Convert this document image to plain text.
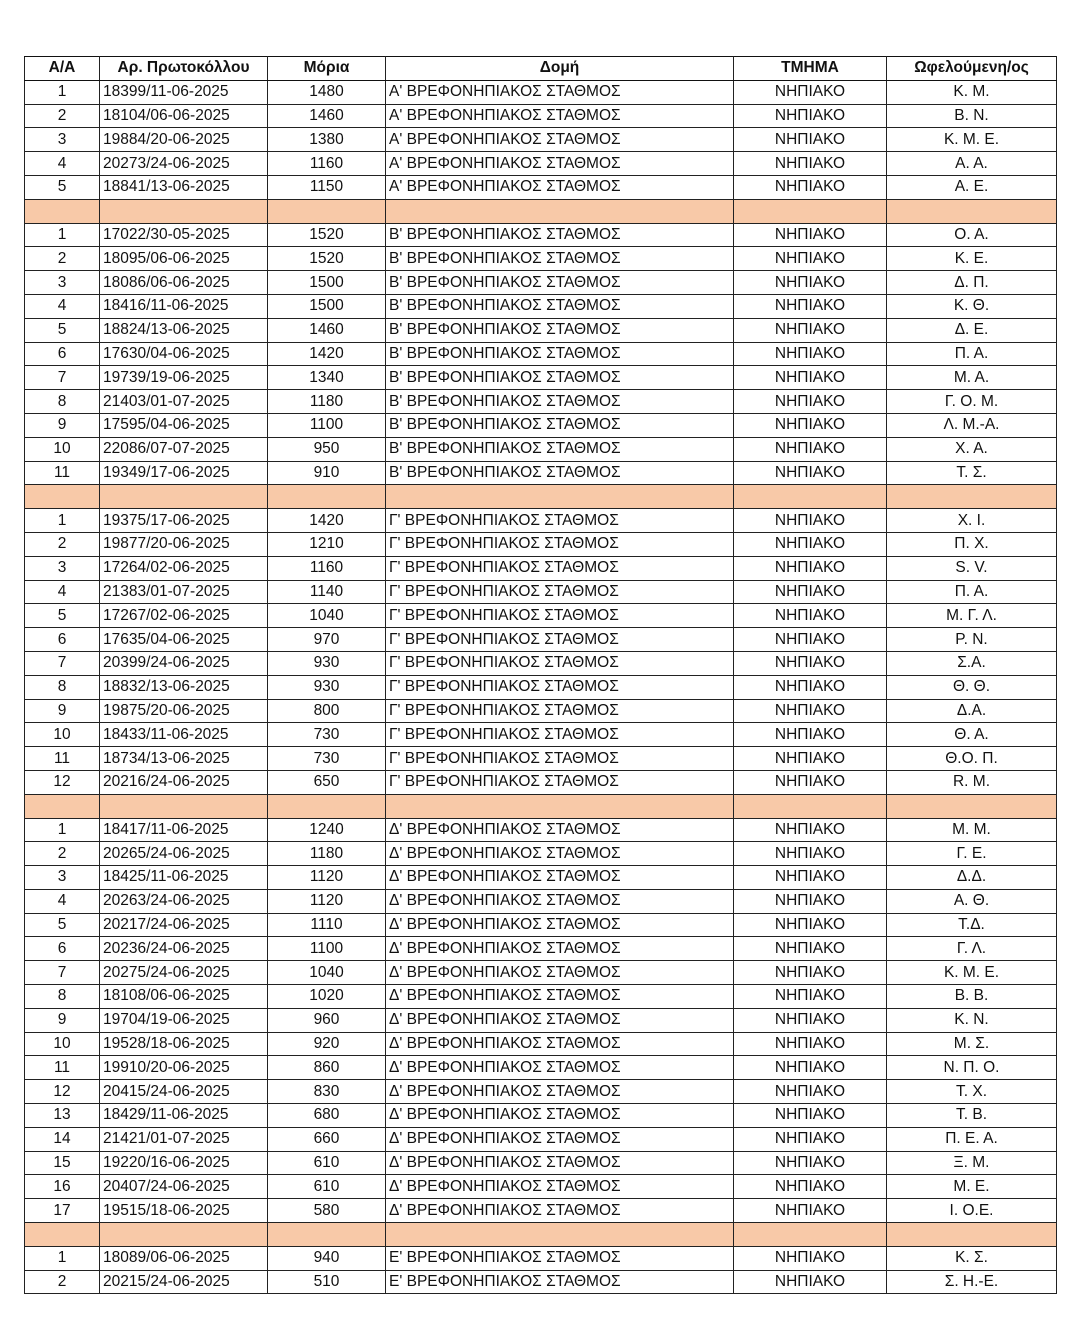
Α/Α	Αρ. Πρωτοκόλλου	Μόρια	Δομή	ΤΜΗΜΑ	Ωφελούμενη/ος
1	18399/11-06-2025	1480	Α' ΒΡΕΦΟΝΗΠΙΑΚΟΣ ΣΤΑΘΜΟΣ	ΝΗΠΙΑΚΟ	Κ. Μ.
2	18104/06-06-2025	1460	Α' ΒΡΕΦΟΝΗΠΙΑΚΟΣ ΣΤΑΘΜΟΣ	ΝΗΠΙΑΚΟ	Β. Ν.
3	19884/20-06-2025	1380	Α' ΒΡΕΦΟΝΗΠΙΑΚΟΣ ΣΤΑΘΜΟΣ	ΝΗΠΙΑΚΟ	Κ. Μ. Ε.
4	20273/24-06-2025	1160	Α' ΒΡΕΦΟΝΗΠΙΑΚΟΣ ΣΤΑΘΜΟΣ	ΝΗΠΙΑΚΟ	Α. Α.
5	18841/13-06-2025	1150	Α' ΒΡΕΦΟΝΗΠΙΑΚΟΣ ΣΤΑΘΜΟΣ	ΝΗΠΙΑΚΟ	Α. Ε.

1	17022/30-05-2025	1520	Β' ΒΡΕΦΟΝΗΠΙΑΚΟΣ ΣΤΑΘΜΟΣ	ΝΗΠΙΑΚΟ	Ο. Α.
2	18095/06-06-2025	1520	Β' ΒΡΕΦΟΝΗΠΙΑΚΟΣ ΣΤΑΘΜΟΣ	ΝΗΠΙΑΚΟ	Κ. Ε.
3	18086/06-06-2025	1500	Β' ΒΡΕΦΟΝΗΠΙΑΚΟΣ ΣΤΑΘΜΟΣ	ΝΗΠΙΑΚΟ	Δ. Π.
4	18416/11-06-2025	1500	Β' ΒΡΕΦΟΝΗΠΙΑΚΟΣ ΣΤΑΘΜΟΣ	ΝΗΠΙΑΚΟ	Κ. Θ.
5	18824/13-06-2025	1460	Β' ΒΡΕΦΟΝΗΠΙΑΚΟΣ ΣΤΑΘΜΟΣ	ΝΗΠΙΑΚΟ	Δ. Ε.
6	17630/04-06-2025	1420	Β' ΒΡΕΦΟΝΗΠΙΑΚΟΣ ΣΤΑΘΜΟΣ	ΝΗΠΙΑΚΟ	Π. Α.
7	19739/19-06-2025	1340	Β' ΒΡΕΦΟΝΗΠΙΑΚΟΣ ΣΤΑΘΜΟΣ	ΝΗΠΙΑΚΟ	Μ. Α.
8	21403/01-07-2025	1180	Β' ΒΡΕΦΟΝΗΠΙΑΚΟΣ ΣΤΑΘΜΟΣ	ΝΗΠΙΑΚΟ	Γ. Ο. Μ.
9	17595/04-06-2025	1100	Β' ΒΡΕΦΟΝΗΠΙΑΚΟΣ ΣΤΑΘΜΟΣ	ΝΗΠΙΑΚΟ	Λ. Μ.-Α.
10	22086/07-07-2025	950	Β' ΒΡΕΦΟΝΗΠΙΑΚΟΣ ΣΤΑΘΜΟΣ	ΝΗΠΙΑΚΟ	Χ. Α.
11	19349/17-06-2025	910	Β' ΒΡΕΦΟΝΗΠΙΑΚΟΣ ΣΤΑΘΜΟΣ	ΝΗΠΙΑΚΟ	Τ. Σ.

1	19375/17-06-2025	1420	Γ' ΒΡΕΦΟΝΗΠΙΑΚΟΣ ΣΤΑΘΜΟΣ	ΝΗΠΙΑΚΟ	Χ. Ι.
2	19877/20-06-2025	1210	Γ' ΒΡΕΦΟΝΗΠΙΑΚΟΣ ΣΤΑΘΜΟΣ	ΝΗΠΙΑΚΟ	Π. Χ.
3	17264/02-06-2025	1160	Γ' ΒΡΕΦΟΝΗΠΙΑΚΟΣ ΣΤΑΘΜΟΣ	ΝΗΠΙΑΚΟ	S. V.
4	21383/01-07-2025	1140	Γ' ΒΡΕΦΟΝΗΠΙΑΚΟΣ ΣΤΑΘΜΟΣ	ΝΗΠΙΑΚΟ	Π. Α.
5	17267/02-06-2025	1040	Γ' ΒΡΕΦΟΝΗΠΙΑΚΟΣ ΣΤΑΘΜΟΣ	ΝΗΠΙΑΚΟ	Μ. Γ. Λ.
6	17635/04-06-2025	970	Γ' ΒΡΕΦΟΝΗΠΙΑΚΟΣ ΣΤΑΘΜΟΣ	ΝΗΠΙΑΚΟ	Ρ. Ν.
7	20399/24-06-2025	930	Γ' ΒΡΕΦΟΝΗΠΙΑΚΟΣ ΣΤΑΘΜΟΣ	ΝΗΠΙΑΚΟ	Σ.Α.
8	18832/13-06-2025	930	Γ' ΒΡΕΦΟΝΗΠΙΑΚΟΣ ΣΤΑΘΜΟΣ	ΝΗΠΙΑΚΟ	Θ. Θ.
9	19875/20-06-2025	800	Γ' ΒΡΕΦΟΝΗΠΙΑΚΟΣ ΣΤΑΘΜΟΣ	ΝΗΠΙΑΚΟ	Δ.Α.
10	18433/11-06-2025	730	Γ' ΒΡΕΦΟΝΗΠΙΑΚΟΣ ΣΤΑΘΜΟΣ	ΝΗΠΙΑΚΟ	Θ. Α.
11	18734/13-06-2025	730	Γ' ΒΡΕΦΟΝΗΠΙΑΚΟΣ ΣΤΑΘΜΟΣ	ΝΗΠΙΑΚΟ	Θ.Ο. Π.
12	20216/24-06-2025	650	Γ' ΒΡΕΦΟΝΗΠΙΑΚΟΣ ΣΤΑΘΜΟΣ	ΝΗΠΙΑΚΟ	R. M.

1	18417/11-06-2025	1240	Δ' ΒΡΕΦΟΝΗΠΙΑΚΟΣ ΣΤΑΘΜΟΣ	ΝΗΠΙΑΚΟ	Μ. Μ.
2	20265/24-06-2025	1180	Δ' ΒΡΕΦΟΝΗΠΙΑΚΟΣ ΣΤΑΘΜΟΣ	ΝΗΠΙΑΚΟ	Γ. Ε.
3	18425/11-06-2025	1120	Δ' ΒΡΕΦΟΝΗΠΙΑΚΟΣ ΣΤΑΘΜΟΣ	ΝΗΠΙΑΚΟ	Δ.Δ.
4	20263/24-06-2025	1120	Δ' ΒΡΕΦΟΝΗΠΙΑΚΟΣ ΣΤΑΘΜΟΣ	ΝΗΠΙΑΚΟ	Α. Θ.
5	20217/24-06-2025	1110	Δ' ΒΡΕΦΟΝΗΠΙΑΚΟΣ ΣΤΑΘΜΟΣ	ΝΗΠΙΑΚΟ	Τ.Δ.
6	20236/24-06-2025	1100	Δ' ΒΡΕΦΟΝΗΠΙΑΚΟΣ ΣΤΑΘΜΟΣ	ΝΗΠΙΑΚΟ	Γ. Λ.
7	20275/24-06-2025	1040	Δ' ΒΡΕΦΟΝΗΠΙΑΚΟΣ ΣΤΑΘΜΟΣ	ΝΗΠΙΑΚΟ	Κ. Μ. Ε.
8	18108/06-06-2025	1020	Δ' ΒΡΕΦΟΝΗΠΙΑΚΟΣ ΣΤΑΘΜΟΣ	ΝΗΠΙΑΚΟ	Β. Β.
9	19704/19-06-2025	960	Δ' ΒΡΕΦΟΝΗΠΙΑΚΟΣ ΣΤΑΘΜΟΣ	ΝΗΠΙΑΚΟ	Κ. Ν.
10	19528/18-06-2025	920	Δ' ΒΡΕΦΟΝΗΠΙΑΚΟΣ ΣΤΑΘΜΟΣ	ΝΗΠΙΑΚΟ	Μ. Σ.
11	19910/20-06-2025	860	Δ' ΒΡΕΦΟΝΗΠΙΑΚΟΣ ΣΤΑΘΜΟΣ	ΝΗΠΙΑΚΟ	Ν. Π. Ο.
12	20415/24-06-2025	830	Δ' ΒΡΕΦΟΝΗΠΙΑΚΟΣ ΣΤΑΘΜΟΣ	ΝΗΠΙΑΚΟ	Τ. Χ.
13	18429/11-06-2025	680	Δ' ΒΡΕΦΟΝΗΠΙΑΚΟΣ ΣΤΑΘΜΟΣ	ΝΗΠΙΑΚΟ	Τ. Β.
14	21421/01-07-2025	660	Δ' ΒΡΕΦΟΝΗΠΙΑΚΟΣ ΣΤΑΘΜΟΣ	ΝΗΠΙΑΚΟ	Π. Ε. Α.
15	19220/16-06-2025	610	Δ' ΒΡΕΦΟΝΗΠΙΑΚΟΣ ΣΤΑΘΜΟΣ	ΝΗΠΙΑΚΟ	Ξ. Μ.
16	20407/24-06-2025	610	Δ' ΒΡΕΦΟΝΗΠΙΑΚΟΣ ΣΤΑΘΜΟΣ	ΝΗΠΙΑΚΟ	Μ. Ε.
17	19515/18-06-2025	580	Δ' ΒΡΕΦΟΝΗΠΙΑΚΟΣ ΣΤΑΘΜΟΣ	ΝΗΠΙΑΚΟ	Ι. Ο.Ε.

1	18089/06-06-2025	940	Ε' ΒΡΕΦΟΝΗΠΙΑΚΟΣ ΣΤΑΘΜΟΣ	ΝΗΠΙΑΚΟ	Κ. Σ.
2	20215/24-06-2025	510	Ε' ΒΡΕΦΟΝΗΠΙΑΚΟΣ ΣΤΑΘΜΟΣ	ΝΗΠΙΑΚΟ	Σ. Η.-Ε.
